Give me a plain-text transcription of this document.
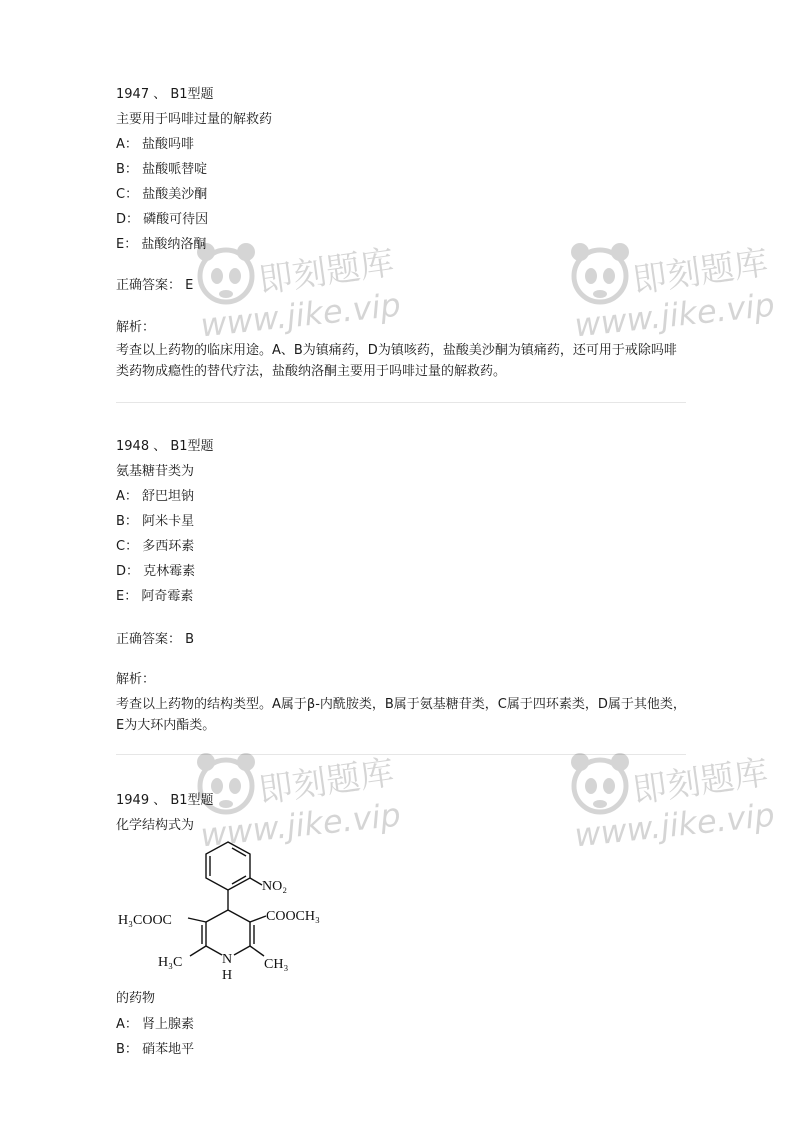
1947 、 B1型题
主要用于吗啡过量的解救药
A： 盐酸吗啡
B： 盐酸哌替啶
C： 盐酸美沙酮
D： 磷酸可待因
E： 盐酸纳洛酮
正确答案： E
解析：
考查以上药物的临床用途。A、B为镇痛药，D为镇咳药，盐酸美沙酮为镇痛药，还可用于戒除吗啡类药物成瘾性的替代疗法，盐酸纳洛酮主要用于吗啡过量的解救药。
1948 、 B1型题
氨基糖苷类为
A： 舒巴坦钠
B： 阿米卡星
C： 多西环素
D： 克林霉素
E： 阿奇霉素
正确答案： B
解析：
考查以上药物的结构类型。A属于β-内酰胺类，B属于氨基糖苷类，C属于四环素类，D属于其他类，E为大环内酯类。
1949 、 B1型题
化学结构式为
的药物
A： 肾上腺素
B： 硝苯地平
NO₂
H₃COOC	COOCH₃
H₃C	CH₃
N
H
即刻题库
www.jike.vip
即刻题库
www.jike.vip
即刻题库
www.jike.vip
即刻题库
www.jike.vip
